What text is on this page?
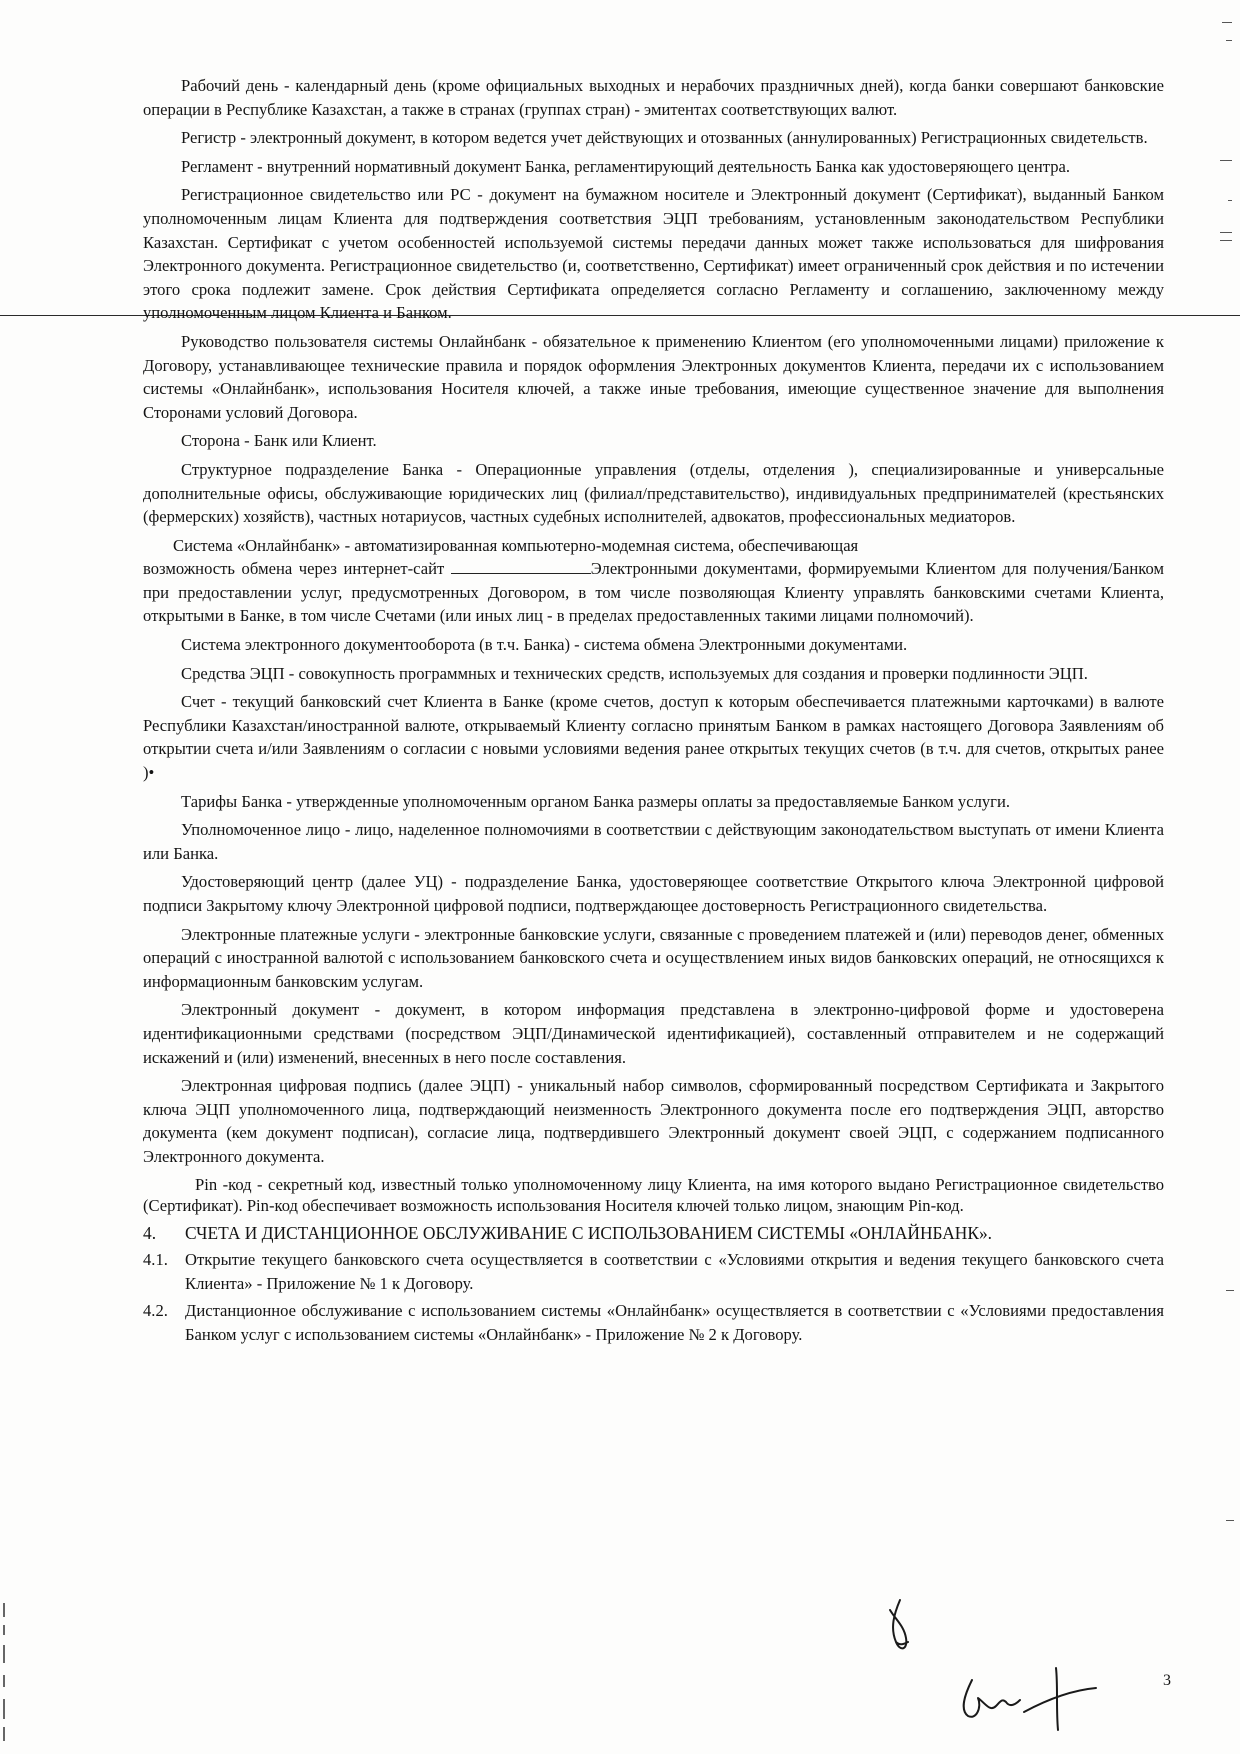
Рабочий день - календарный день (кроме официальных выходных и нерабочих праздничных дней), когда банки совершают банковские операции в Республике Казахстан, а также в странах (группах стран) - эмитентах соответствующих валют.

Регистр - электронный документ, в котором ведется учет действующих и отозванных (аннулированных) Регистрационных свидетельств.

Регламент - внутренний нормативный документ Банка, регламентирующий деятельность Банка как удостоверяющего центра.

Регистрационное свидетельство или РС - документ на бумажном носителе и Электронный документ (Сертификат), выданный Банком уполномоченным лицам Клиента для подтверждения соответствия ЭЦП требованиям, установленным законодательством Республики Казахстан. Сертификат с учетом особенностей используемой системы передачи данных может также использоваться для шифрования Электронного документа. Регистрационное свидетельство (и, соответственно, Сертификат) имеет ограниченный срок действия и по истечении этого срока подлежит замене. Срок действия Сертификата определяется согласно Регламенту и соглашению, заключенному между уполномоченным лицом Клиента и Банком.

Руководство пользователя системы Онлайнбанк - обязательное к применению Клиентом (его уполномоченными лицами) приложение к Договору, устанавливающее технические правила и порядок оформления Электронных документов Клиента, передачи их с использованием системы «Онлайнбанк», использования Носителя ключей, а также иные требования, имеющие существенное значение для выполнения Сторонами условий Договора.

Сторона - Банк или Клиент.

Структурное подразделение Банка - Операционные управления (отделы, отделения ), специализированные и универсальные дополнительные офисы, обслуживающие юридических лиц (филиал/представительство), индивидуальных предпринимателей (крестьянских (фермерских) хозяйств), частных нотариусов, частных судебных исполнителей, адвокатов, профессиональных медиаторов.

Система «Онлайнбанк» - автоматизированная компьютерно-модемная система, обеспечивающая
возможность обмена через интернет-сайт	Электронными документами, формируемыми Клиентом для получения/Банком при предоставлении услуг, предусмотренных Договором, в том числе позволяющая Клиенту управлять банковскими счетами Клиента, открытыми в Банке, в том числе Счетами (или иных лиц - в пределах предоставленных такими лицами полномочий).

Система электронного документооборота (в т.ч. Банка) - система обмена Электронными документами.

Средства ЭЦП - совокупность программных и технических средств, используемых для создания и проверки подлинности ЭЦП.

Счет - текущий банковский счет Клиента в Банке (кроме счетов, доступ к которым обеспечивается платежными карточками) в валюте Республики Казахстан/иностранной валюте, открываемый Клиенту согласно принятым Банком в рамках настоящего Договора Заявлениям об открытии счета и/или Заявлениям о согласии с новыми условиями ведения ранее открытых текущих счетов (в т.ч. для счетов, открытых ранее )•

Тарифы Банка - утвержденные уполномоченным органом Банка размеры оплаты за предоставляемые Банком услуги.

Уполномоченное лицо - лицо, наделенное полномочиями в соответствии с действующим законодательством выступать от имени Клиента или Банка.

Удостоверяющий центр (далее УЦ) - подразделение Банка, удостоверяющее соответствие Открытого ключа Электронной цифровой подписи Закрытому ключу Электронной цифровой подписи, подтверждающее достоверность Регистрационного свидетельства.

Электронные платежные услуги - электронные банковские услуги, связанные с проведением платежей и (или) переводов денег, обменных операций с иностранной валютой с использованием банковского счета и осуществлением иных видов банковских операций, не относящихся к информационным банковским услугам.

Электронный документ - документ, в котором информация представлена в электронно-цифровой форме и удостоверена идентификационными средствами (посредством ЭЦП/Динамической идентификацией), составленный отправителем и не содержащий искажений и (или) изменений, внесенных в него после составления.

Электронная цифровая подпись (далее ЭЦП) - уникальный набор символов, сформированный посредством Сертификата и Закрытого ключа ЭЦП уполномоченного лица, подтверждающий неизменность Электронного документа после его подтверждения ЭЦП, авторство документа (кем документ подписан), согласие лица, подтвердившего Электронный документ своей ЭЦП, с содержанием подписанного Электронного документа.

Pin -код - секретный код, известный только уполномоченному лицу Клиента, на имя которого выдано Регистрационное свидетельство (Сертификат). Pin-код обеспечивает возможность использования Носителя ключей только лицом, знающим Pin-код.

4.	СЧЕТА И ДИСТАНЦИОННОЕ ОБСЛУЖИВАНИЕ С ИСПОЛЬЗОВАНИЕМ СИСТЕМЫ «ОНЛАЙНБАНК».
4.1.	Открытие текущего банковского счета осуществляется в соответствии с «Условиями открытия и ведения текущего банковского счета Клиента» - Приложение № 1 к Договору.
4.2.	Дистанционное обслуживание с использованием системы «Онлайнбанк» осуществляется в соответствии с «Условиями предоставления Банком услуг с использованием системы «Онлайнбанк» - Приложение № 2 к Договору.
3
